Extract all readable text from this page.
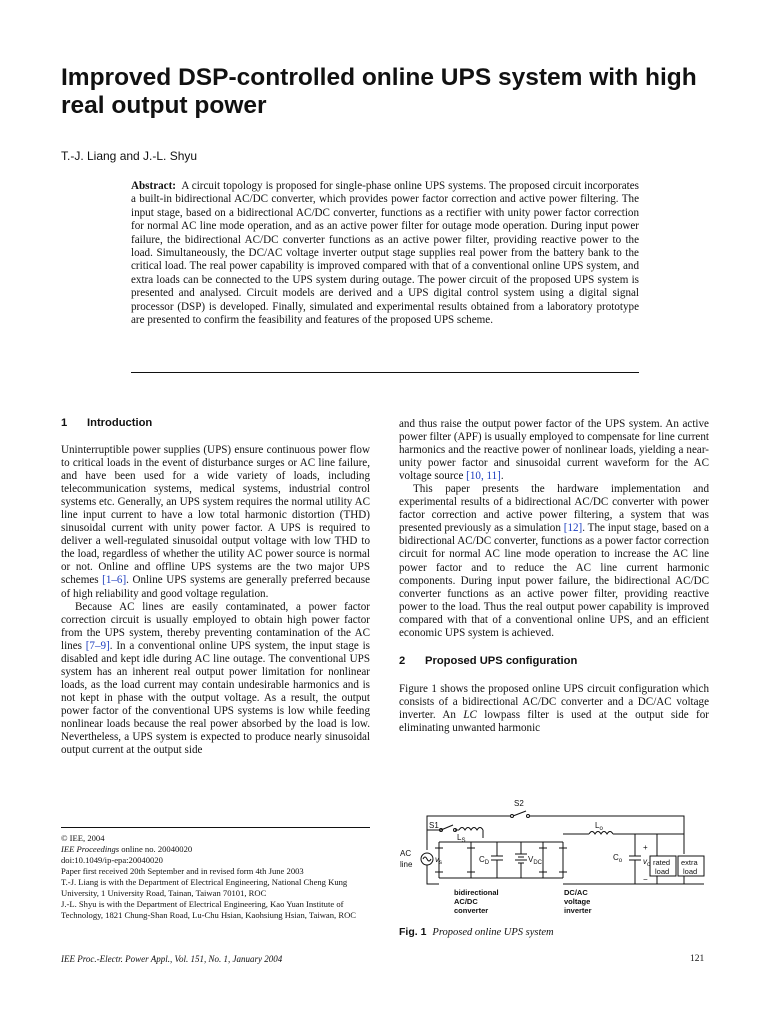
Improved DSP-controlled online UPS system with high real output power
T.-J. Liang and J.-L. Shyu

Abstract: A circuit topology is proposed for single-phase online UPS systems. The proposed circuit incorporates a built-in bidirectional AC/DC converter, which provides power factor correction and active power filtering. The input stage, based on a bidirectional AC/DC converter, functions as a rectifier with unity power factor correction for normal AC line mode operation, and as an active power filter for outage mode operation. During input power failure, the bidirectional AC/DC converter functions as an active power filter, providing reactive power to the load. Simultaneously, the DC/AC voltage inverter output stage supplies real power from the battery bank to the critical load. The real power capability is improved compared with that of a conventional online UPS system, and extra loads can be connected to the UPS system during outage. The power circuit of the proposed UPS system is presented and analysed. Circuit models are derived and a UPS digital control system using a digital signal processor (DSP) is developed. Finally, simulated and experimental results obtained from a laboratory prototype are presented to confirm the feasibility and features of the proposed UPS scheme.

1 Introduction

Uninterruptible power supplies (UPS) ensure continuous power flow to critical loads in the event of disturbance surges or AC line failure, and have been used for a wide variety of loads, including telecommunication systems, medical systems, industrial control systems etc. Generally, an UPS system requires the normal utility AC line input current to have a low total harmonic distortion (THD) sinusoidal current with unity power factor. A UPS is required to deliver a well-regulated sinusoidal output voltage with low THD to the load, regardless of whether the utility AC power source is normal or not. Online and offline UPS systems are the two major UPS schemes [1–6]. Online UPS systems are generally preferred because of high reliability and good voltage regulation.

Because AC lines are easily contaminated, a power factor correction circuit is usually employed to obtain high power factor from the UPS system, thereby preventing contamination of the AC lines [7–9]. In a conventional online UPS system, the input stage is disabled and kept idle during AC line outage. The conventional UPS system has an inherent real output power limitation for nonlinear loads, as the load current may contain undesirable harmonics and is not kept in phase with the output voltage. As a result, the output power factor of the conventional UPS systems is low while feeding nonlinear loads because the real power absorbed by the load is low. Nevertheless, a UPS system is expected to produce nearly sinusoidal output current at the output side

and thus raise the output power factor of the UPS system. An active power filter (APF) is usually employed to compensate for line current harmonics and the reactive power of nonlinear loads, yielding a near-unity power factor and sinusoidal current waveform for the AC voltage source [10, 11].

This paper presents the hardware implementation and experimental results of a bidirectional AC/DC converter with power factor correction and active power filtering, a system that was presented previously as a simulation [12]. The input stage, based on a bidirectional AC/DC converter, functions as a power factor correction circuit for normal AC line mode operation to increase the AC line power factor and to reduce the AC line current harmonic components. During input power failure, the bidirectional AC/DC converter functions as an active power filter, providing reactive power to the load. Thus the real output power capability is improved compared with that of a conventional online UPS, and an efficient economic UPS system is achieved.

2 Proposed UPS configuration

Figure 1 shows the proposed online UPS circuit configuration which consists of a bidirectional AC/DC converter and a DC/AC voltage inverter. An LC lowpass filter is used at the output side for eliminating unwanted harmonic

© IEE, 2004
IEE Proceedings online no. 20040020
doi:10.1049/ip-epa:20040020
Paper first received 20th September and in revised form 4th June 2003
T.-J. Liang is with the Department of Electrical Engineering, National Cheng Kung University, 1 University Road, Tainan, Taiwan 70101, ROC
J.-L. Shyu is with the Department of Electrical Engineering, Kao Yuan Institute of Technology, 1821 Chung-Shan Road, Lu-Chu Hsian, Kaohsiung Hsian, Taiwan, ROC
S2
S1	$L_o$
$L_S$
AC
line
$v_s$	$C_D$	$V_{DC}$
$C_o$
+
$v_o$
−
rated
load
extra
load
bidirectional
AC/DC
converter
DC/AC
voltage
inverter
Fig. 1 Proposed online UPS system
IEE Proc.-Electr. Power Appl., Vol. 151, No. 1, January 2004	121
